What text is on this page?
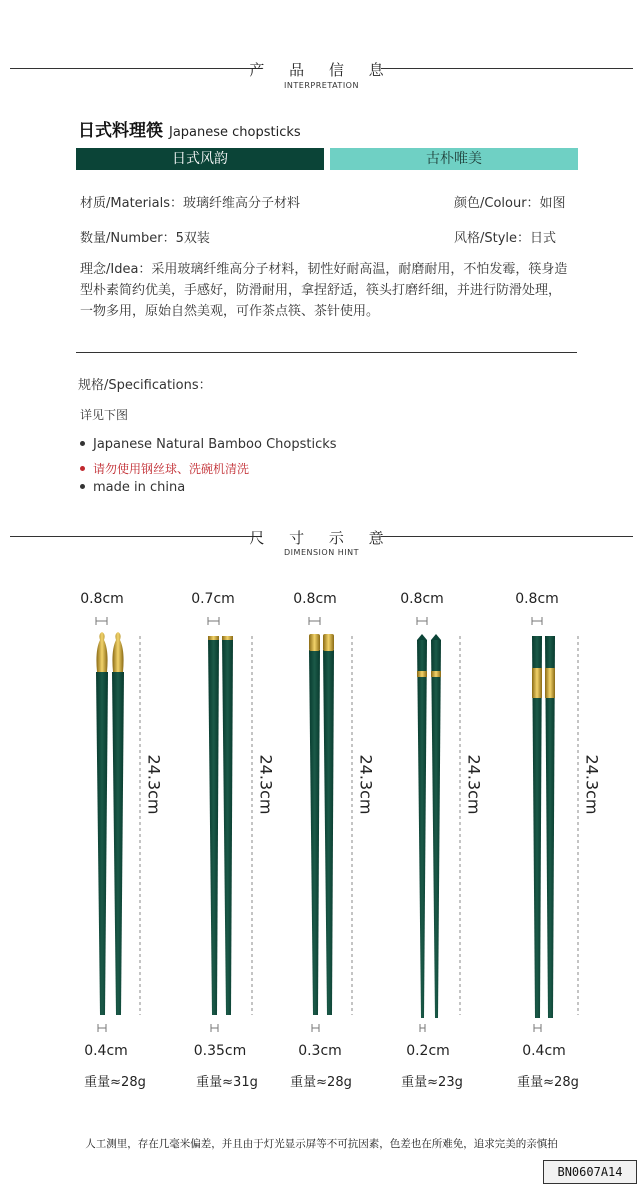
产 品 信 息
INTERPRETATION
日式料理筷 Japanese chopsticks
日式风韵	古朴唯美
材质/Materials：玻璃纤维高分子材料	颜色/Colour：如图
数量/Number：5双装	风格/Style：日式
理念/Idea：采用玻璃纤维高分子材料，韧性好耐高温，耐磨耐用，不怕发霉，筷身造型朴素简约优美，手感好，防滑耐用，拿捏舒适，筷头打磨纤细，并进行防滑处理，一物多用，原始自然美观，可作茶点筷、茶针使用。
规格/Specifications：
详见下图
Japanese Natural Bamboo Chopsticks
请勿使用钢丝球、洗碗机清洗
made in china
尺 寸 示 意
DIMENSION HINT
0.8cm	0.7cm	0.8cm	0.8cm	0.8cm
24.3cm	24.3cm	24.3cm	24.3cm	24.3cm
0.4cm	0.35cm	0.3cm	0.2cm	0.4cm
重量≈28g	重量≈31g	重量≈28g	重量≈23g	重量≈28g
人工测里，存在几毫米偏差，并且由于灯光显示屏等不可抗因素，色差也在所难免，追求完美的亲慎拍
BN0607A14
